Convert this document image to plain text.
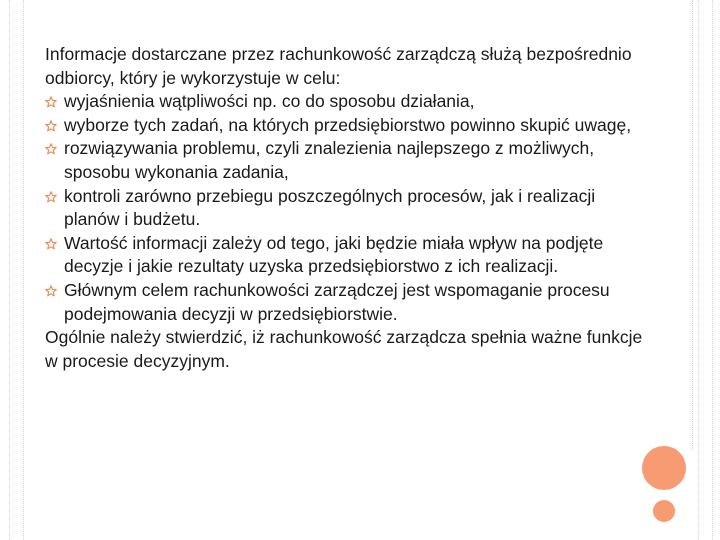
Informacje dostarczane przez rachunkowość zarządczą służą bezpośrednio odbiorcy, który je wykorzystuje w celu:

wyjaśnienia wątpliwości np. co do sposobu działania,
wyborze tych zadań, na których przedsiębiorstwo powinno skupić uwagę,
rozwiązywania problemu, czyli znalezienia najlepszego z możliwych, sposobu wykonania zadania,
kontroli zarówno przebiegu poszczególnych procesów, jak i realizacji planów i budżetu.
Wartość informacji zależy od tego, jaki będzie miała wpływ na podjęte decyzje i jakie rezultaty uzyska przedsiębiorstwo z ich realizacji.
Głównym celem rachunkowości zarządczej jest wspomaganie procesu podejmowania decyzji w przedsiębiorstwie.

Ogólnie należy stwierdzić, iż rachunkowość zarządcza spełnia ważne funkcje w procesie decyzyjnym.
